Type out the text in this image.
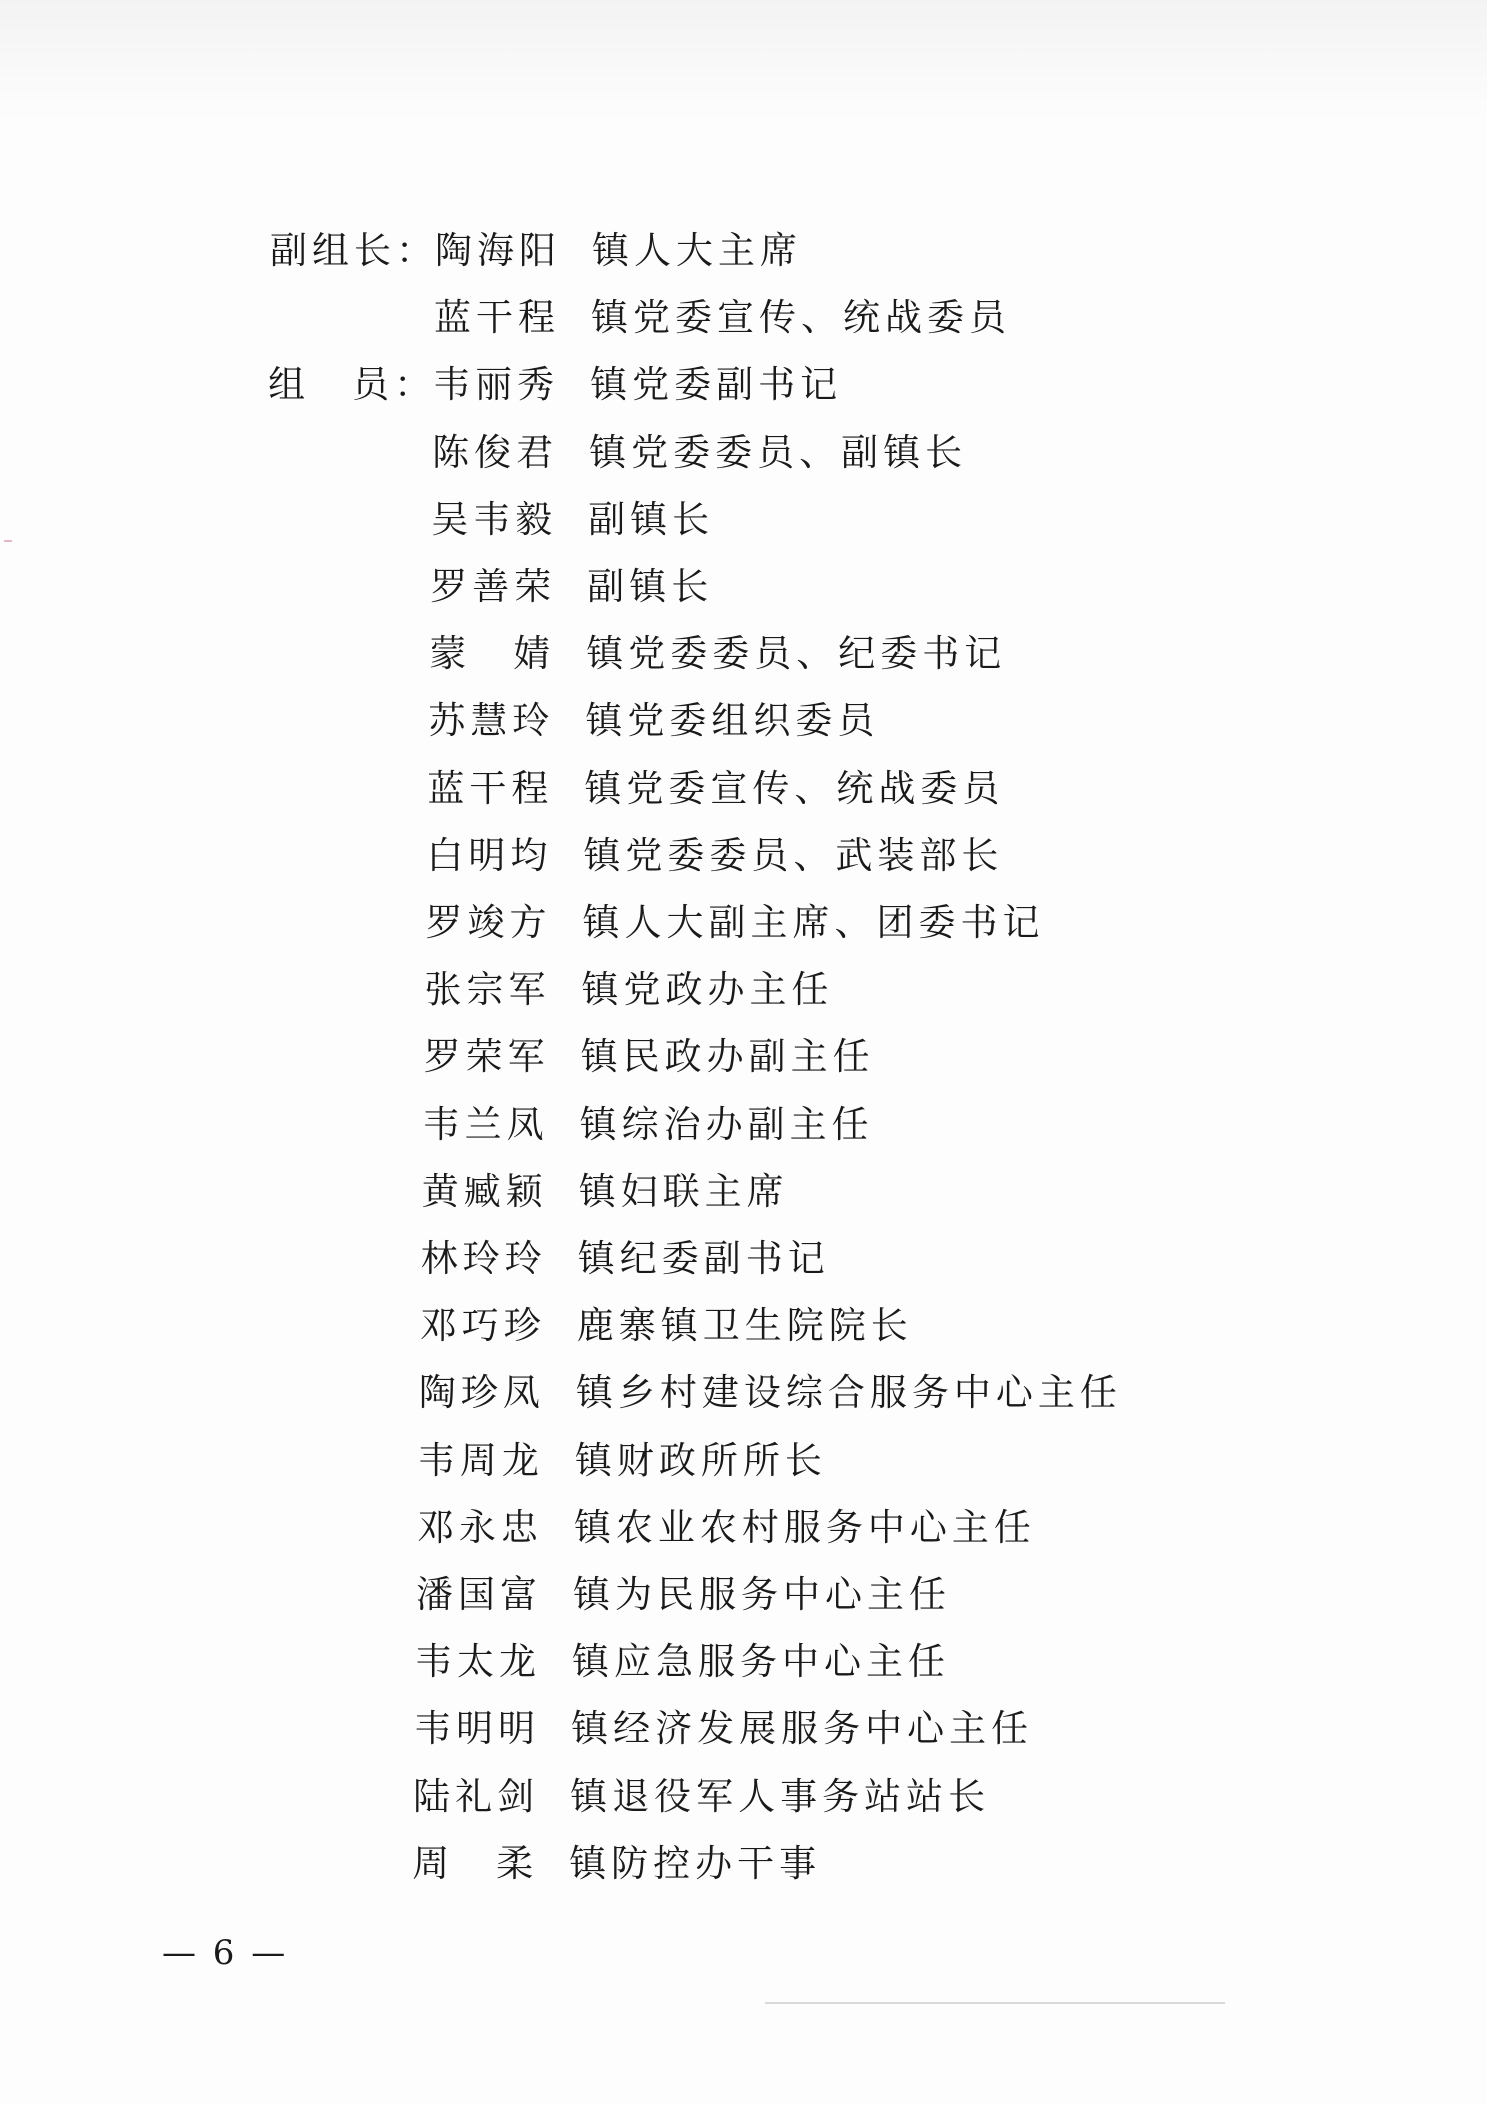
副组长：
陶海阳 镇人大主席
蓝干程 镇党委宣传、统战委员
组　员：
韦丽秀 镇党委副书记
陈俊君 镇党委委员、副镇长
吴韦毅 副镇长
罗善荣 副镇长
蒙　婧 镇党委委员、纪委书记
苏慧玲 镇党委组织委员
蓝干程 镇党委宣传、统战委员
白明均 镇党委委员、武装部长
罗竣方 镇人大副主席、团委书记
张宗军 镇党政办主任
罗荣军 镇民政办副主任
韦兰凤 镇综治办副主任
黄臧颖 镇妇联主席
林玲玲 镇纪委副书记
邓巧珍 鹿寨镇卫生院院长
陶珍凤 镇乡村建设综合服务中心主任
韦周龙 镇财政所所长
邓永忠 镇农业农村服务中心主任
潘国富 镇为民服务中心主任
韦太龙 镇应急服务中心主任
韦明明 镇经济发展服务中心主任
陆礼剑 镇退役军人事务站站长
周　柔 镇防控办干事
— 6 —
